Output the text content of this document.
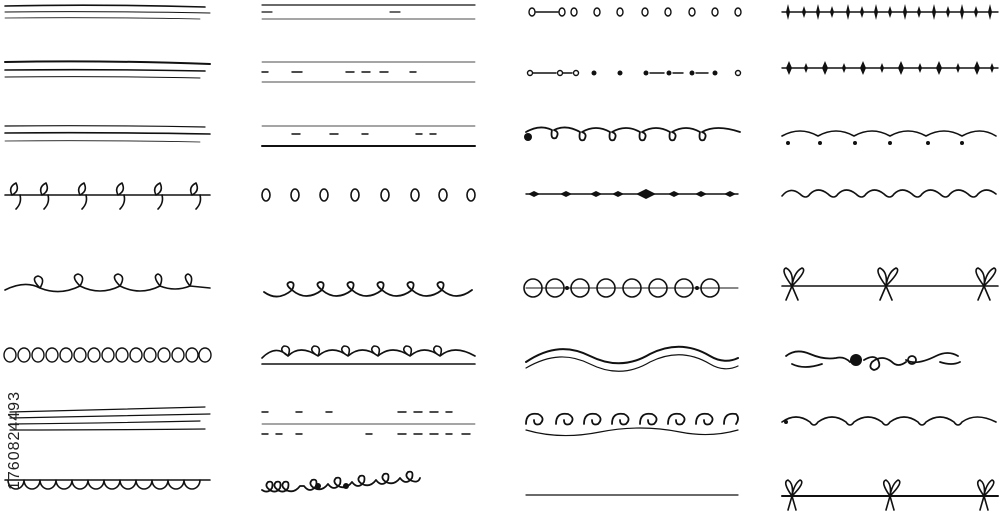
1760824493
